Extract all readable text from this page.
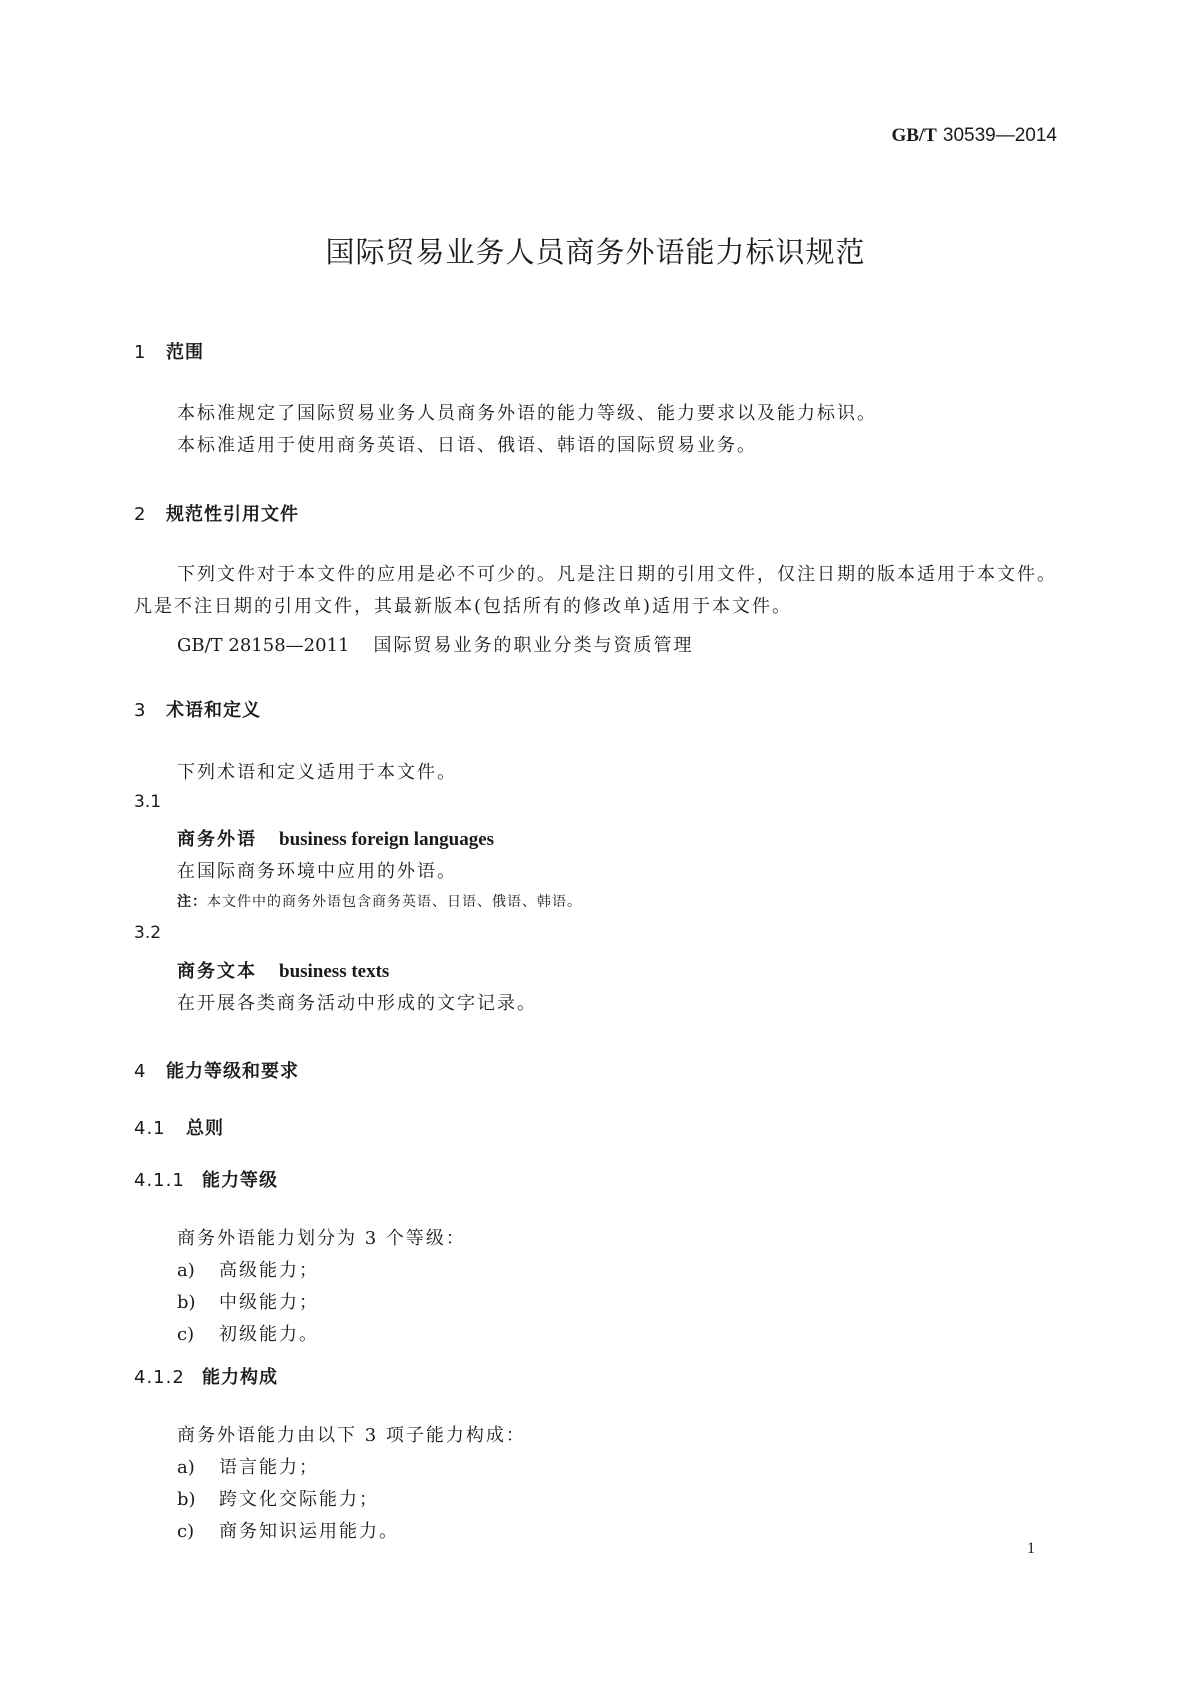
GB/T 30539—2014
国际贸易业务人员商务外语能力标识规范
1 范围
本标准规定了国际贸易业务人员商务外语的能力等级、能力要求以及能力标识。
本标准适用于使用商务英语、日语、俄语、韩语的国际贸易业务。
2 规范性引用文件
下列文件对于本文件的应用是必不可少的。凡是注日期的引用文件，仅注日期的版本适用于本文件。凡是不注日期的引用文件，其最新版本(包括所有的修改单)适用于本文件。
GB/T 28158—2011 国际贸易业务的职业分类与资质管理
3 术语和定义
下列术语和定义适用于本文件。
3.1
商务外语 business foreign languages
在国际商务环境中应用的外语。
注：本文件中的商务外语包含商务英语、日语、俄语、韩语。
3.2
商务文本 business texts
在开展各类商务活动中形成的文字记录。
4 能力等级和要求
4.1 总则
4.1.1 能力等级
商务外语能力划分为 3 个等级：
a) 高级能力；
b) 中级能力；
c) 初级能力。
4.1.2 能力构成
商务外语能力由以下 3 项子能力构成：
a) 语言能力；
b) 跨文化交际能力；
c) 商务知识运用能力。
1
